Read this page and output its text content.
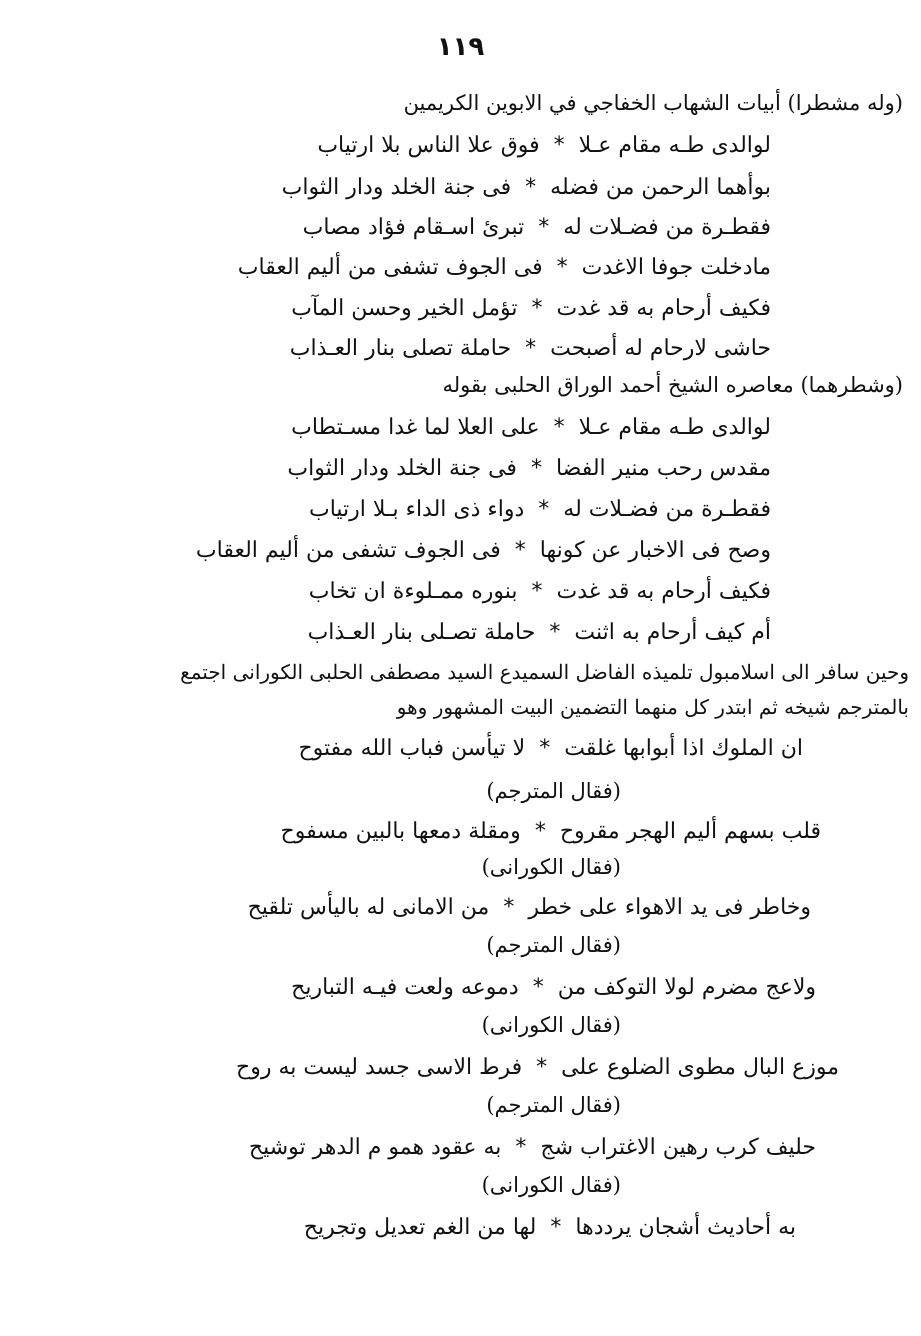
١١٩
(وله مشطرا) أبيات الشهاب الخفاجي في الابوين الكريمين
لوالدى طـه مقام عـلا
*
فوق علا الناس بلا ارتياب
بوأهما الرحمن من فضله
*
فى جنة الخلد ودار الثواب
فقطـرة من فضـلات له
*
تبرئ اسـقام فؤاد مصاب
مادخلت جوفا الاغدت
*
فى الجوف تشفى من أليم العقاب
فكيف أرحام به قد غدت
*
تؤمل الخير وحسن المآب
حاشى لارحام له أصبحت
*
حاملة تصلى بنار العـذاب
(وشطرهما) معاصره الشيخ أحمد الوراق الحلبى بقوله
لوالدى طـه مقام عـلا
*
على العلا لما غدا مسـتطاب
مقدس رحب منير الفضا
*
فى جنة الخلد ودار الثواب
فقطـرة من فضـلات له
*
دواء ذى الداء بـلا ارتياب
وصح فى الاخبار عن كونها
*
فى الجوف تشفى من أليم العقاب
فكيف أرحام به قد غدت
*
بنوره ممـلوءة ان تخاب
أم كيف أرحام به اثنت
*
حاملة تصـلى بنار العـذاب
وحين سافر الى اسلامبول تلميذه الفاضل السميدع السيد مصطفى الحلبى الكورانى اجتمع
بالمترجم شيخه ثم ابتدر كل منهما التضمين البيت المشهور وهو
ان الملوك اذا أبوابها غلقت
*
لا تيأسن فباب الله مفتوح
(فقال المترجم)
قلب بسهم أليم الهجر مقروح
*
ومقلة دمعها بالبين مسفوح
(فقال الكورانى)
وخاطر فى يد الاهواء على خطر
*
من الامانى له باليأس تلقيح
(فقال المترجم)
ولاعج مضرم لولا التوكف من
*
دموعه ولعت فيـه التباريح
(فقال الكورانى)
موزع البال مطوى الضلوع على
*
فرط الاسى جسد ليست به روح
(فقال المترجم)
حليف كرب رهين الاغتراب شج
*
به عقود همو م الدهر توشيح
(فقال الكورانى)
به أحاديث أشجان يرددها
*
لها من الغم تعديل وتجريح
